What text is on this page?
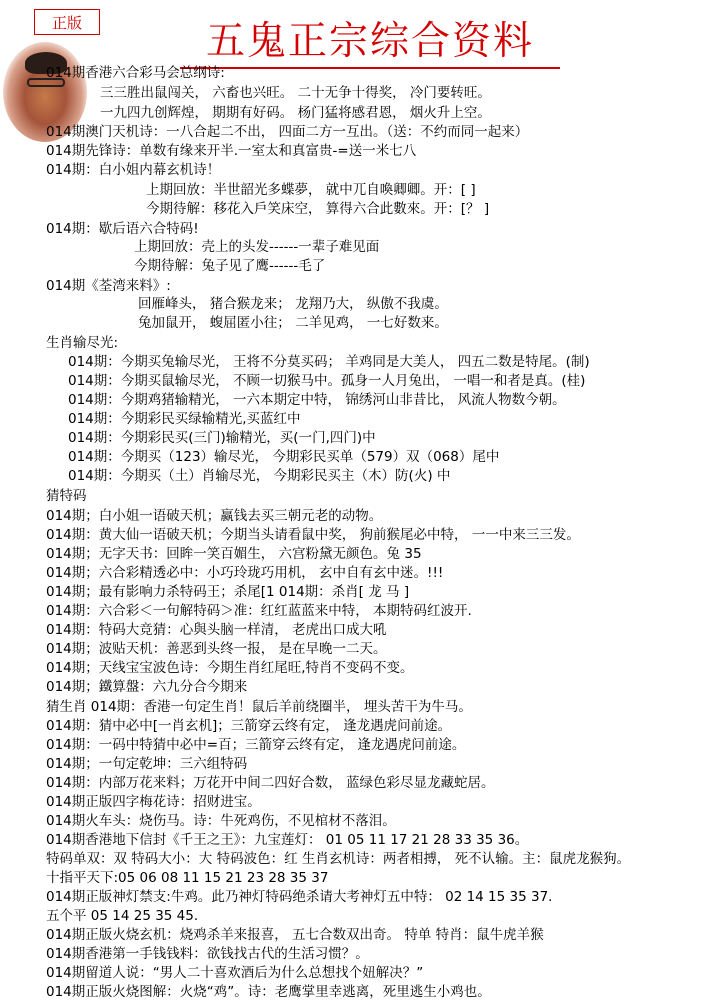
正版	五鬼正宗综合资料
014期香港六合彩马会总纲诗:
三三胜出鼠闯关， 六畜也兴旺。 二十无争十得奖， 冷门要转旺。
一九四九创辉煌， 期期有好码。 杨门猛将感君恩， 烟火升上空。
014期澳门天机诗：一八合起二不出， 四面二方一互出。（送：不约而同一起来）
014期先锋诗：单数有缘来开半.一室太和真富贵-=送一米七八
014期：白小姐内幕玄机诗！
上期回放：半世韶光多蝶夢， 就中兀自喚卿卿。开：[ ]
今期待解：移花入戶笑床空， 算得六合此數來。开：[？ ]
014期：歇后语六合特码!
上期回放：壳上的头发------一辈子难见面
今期待解：兔子见了鹰------毛了
014期《荃湾来料》:
回雁峰头， 猪合猴龙来； 龙翔乃大， 纵傲不我虞。
兔加鼠开， 蝮屈匿小往； 二羊见鸡， 一七好数来。
生肖输尽光:
014期：今期买兔输尽光， 王将不分莫买码； 羊鸡同是大美人， 四五二数是特尾。(制)
014期：今期买鼠输尽光， 不顾一切猴马中。孤身一人月兔出， 一唱一和者是真。(桂)
014期：今期鸡猪输精光， 一六本期定中特， 锦绣河山非昔比， 风流人物数今朝。
014期：今期彩民买绿输精光,买蓝红中
014期：今期彩民买(三门)输精光，买(一门,四门)中
014期：今期买（123）输尽光， 今期彩民买单（579）双（068）尾中
014期：今期买（土）肖输尽光， 今期彩民买主（木）防(火) 中
猜特码
014期；白小姐一语破天机；赢钱去买三朝元老的动物。
014期：黄大仙一语破天机；今期当头请看鼠中奖， 狗前猴尾必中特， 一一中来三三发。
014期；无字天书：回眸一笑百媚生， 六宫粉黛无颜色。兔 35
014期；六合彩精透必中：小巧玲珑巧用机， 玄中自有玄中迷。!!!
014期；最有影响力杀特码王；杀尾[1 014期：杀肖[ 龙 马 ]
014期：六合彩＜一句解特码＞准：红红蓝蓝来中特， 本期特码红波开.
014期：特码大竞猜：心與头脑一样清， 老虎出口成大吼
014期；波贴天机：善恶到头终一报， 是在早晚一二天。
014期；天线宝宝波色诗：今期生肖红尾旺,特肖不变码不变。
014期；鐵算盤：六九分合今期来
猜生肖 014期：香港一句定生肖！鼠后羊前绕圈半， 埋头苦干为牛马。
014期：猜中必中[一肖玄机]；三箭穿云终有定， 逢龙遇虎问前途。
014期：一码中特猜中必中=百；三箭穿云终有定， 逢龙遇虎问前途。
014期；一句定乾坤：三六组特码
014期：内部万花来料；万花开中间二四好合数， 蓝绿色彩尽显龙藏蛇居。
014期正版四字梅花诗：招财进宝。
014期火车头：烧伤马。诗：牛死鸡伤，不见棺材不落泪。
014期香港地下信封《千王之王》：九宝莲灯： 01 05 11 17 21 28 33 35 36。
特码单双：双 特码大小：大 特码波色：红 生肖玄机诗：两者相搏， 死不认输。主：鼠虎龙猴狗。
十指平天下:05 06 08 11 15 21 23 28 35 37
014期正版神灯禁支:牛鸡。此乃神灯特码绝杀请大考神灯五中特： 02 14 15 35 37.
五个平 05 14 25 35 45.
014期正版火烧玄机：烧鸡杀羊来报喜， 五七合数双出奇。 特单 特肖：鼠牛虎羊猴
014期香港第一手钱钱料：欲钱找古代的生活习惯？。
014期留道人说：“男人二十喜欢酒后为什么总想找个妞解决？”
014期正版火烧图解：火烧“鸡”。诗：老鹰掌里幸逃离，死里逃生小鸡也。
